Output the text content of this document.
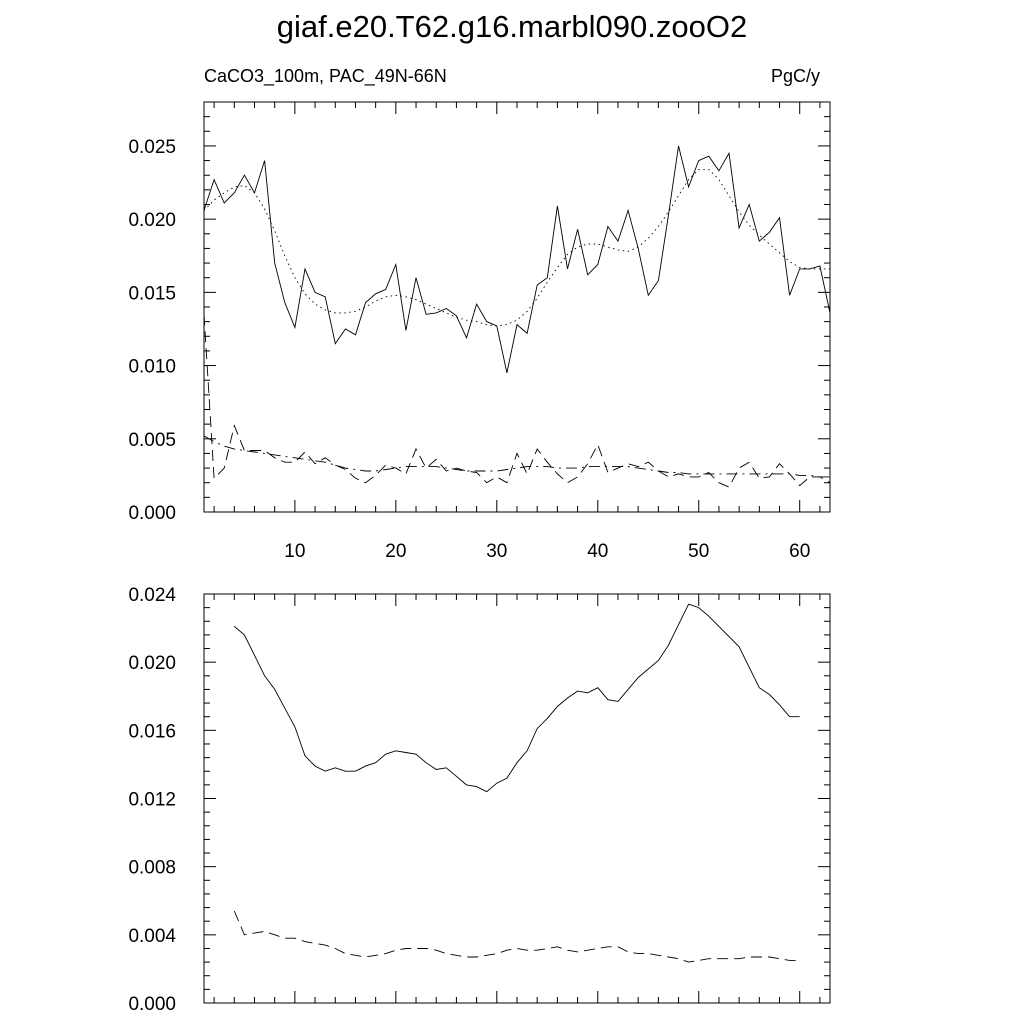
giaf.e20.T62.g16.marbl090.zooO2
CaCO3_100m, PAC_49N-66N	PgC/y
10	20	30	40	50	60
0.000
0.005
0.010
0.015
0.020
0.025
0.000
0.004
0.008
0.012
0.016
0.020
0.024
